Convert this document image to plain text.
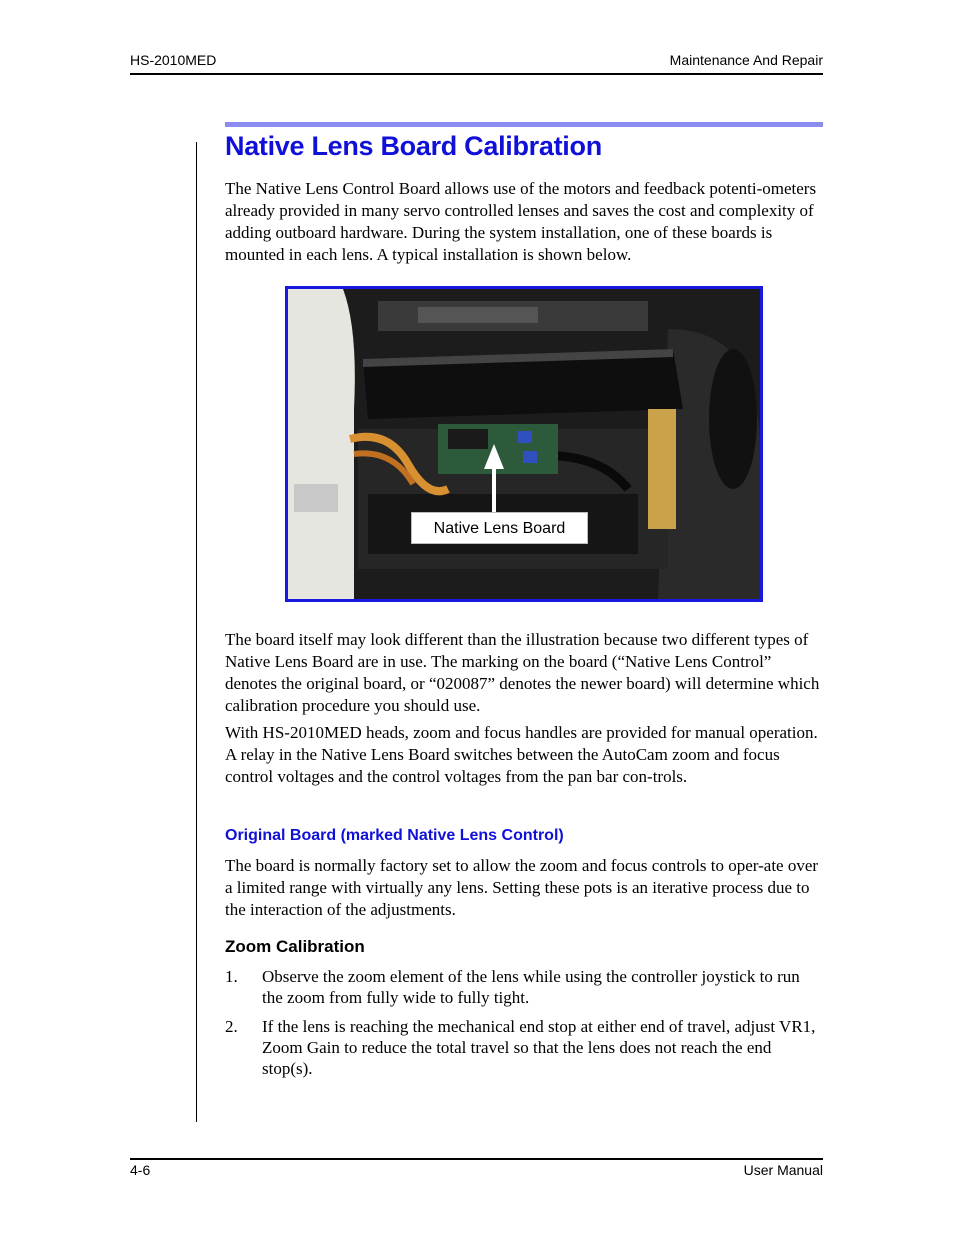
HS-2010MED	Maintenance And Repair
Native Lens Board Calibration

The Native Lens Control Board allows use of the motors and feedback potenti-ometers already provided in many servo controlled lenses and saves the cost and complexity of adding outboard hardware. During the system installation, one of these boards is mounted in each lens. A typical installation is shown below.

Native Lens Board

The board itself may look different than the illustration because two different types of Native Lens Board are in use. The marking on the board (“Native Lens Control” denotes the original board, or “020087” denotes the newer board) will determine which calibration procedure you should use.

With HS-2010MED heads, zoom and focus handles are provided for manual operation. A relay in the Native Lens Board switches between the AutoCam zoom and focus control voltages and the control voltages from the pan bar con-trols.

Original Board (marked Native Lens Control)

The board is normally factory set to allow the zoom and focus controls to oper-ate over a limited range with virtually any lens. Setting these pots is an iterative process due to the interaction of the adjustments.

Zoom Calibration
1. Observe the zoom element of the lens while using the controller joystick to run the zoom from fully wide to fully tight.
2. If the lens is reaching the mechanical end stop at either end of travel, adjust VR1, Zoom Gain to reduce the total travel so that the lens does not reach the end stop(s).
4-6	User Manual
